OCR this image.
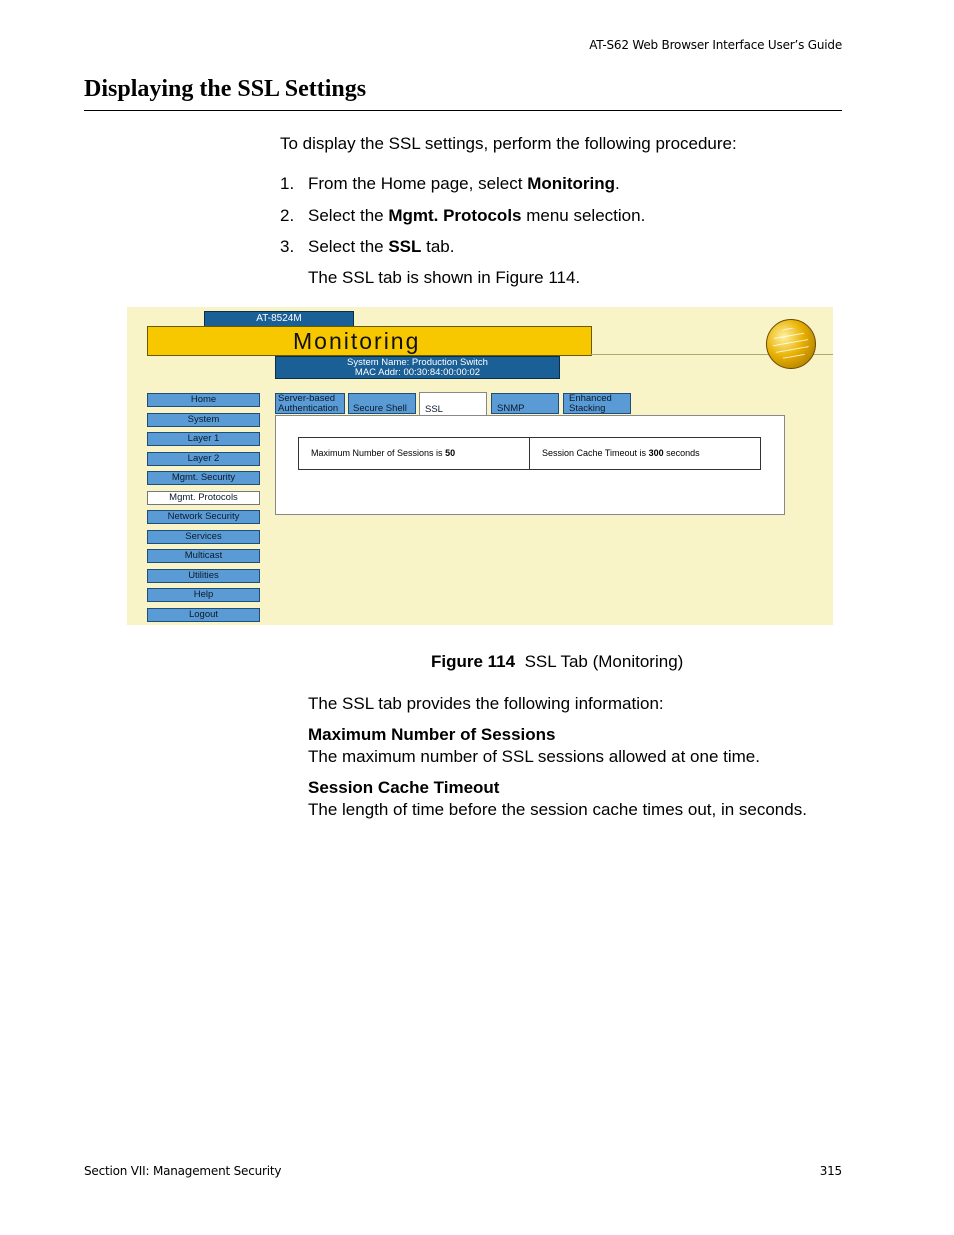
AT-S62 Web Browser Interface User’s Guide
Displaying the SSL Settings
To display the SSL settings, perform the following procedure:
1. From the Home page, select Monitoring.
2. Select the Mgmt. Protocols menu selection.
3. Select the SSL tab.
The SSL tab is shown in Figure 114.
AT-8524M
Monitoring
System Name: Production Switch
MAC Addr: 00:30:84:00:00:02
Home
System
Layer 1
Layer 2
Mgmt. Security
Mgmt. Protocols
Network Security
Services
Multicast
Utilities
Help
Logout
Server-based
Authentication	Secure Shell	SSL	SNMP
Enhanced
Stacking
Maximum Number of Sessions is 50	Session Cache Timeout is 300 seconds
Figure 114 SSL Tab (Monitoring)
The SSL tab provides the following information:
Maximum Number of Sessions
The maximum number of SSL sessions allowed at one time.
Session Cache Timeout
The length of time before the session cache times out, in seconds.
Section VII: Management Security	315
